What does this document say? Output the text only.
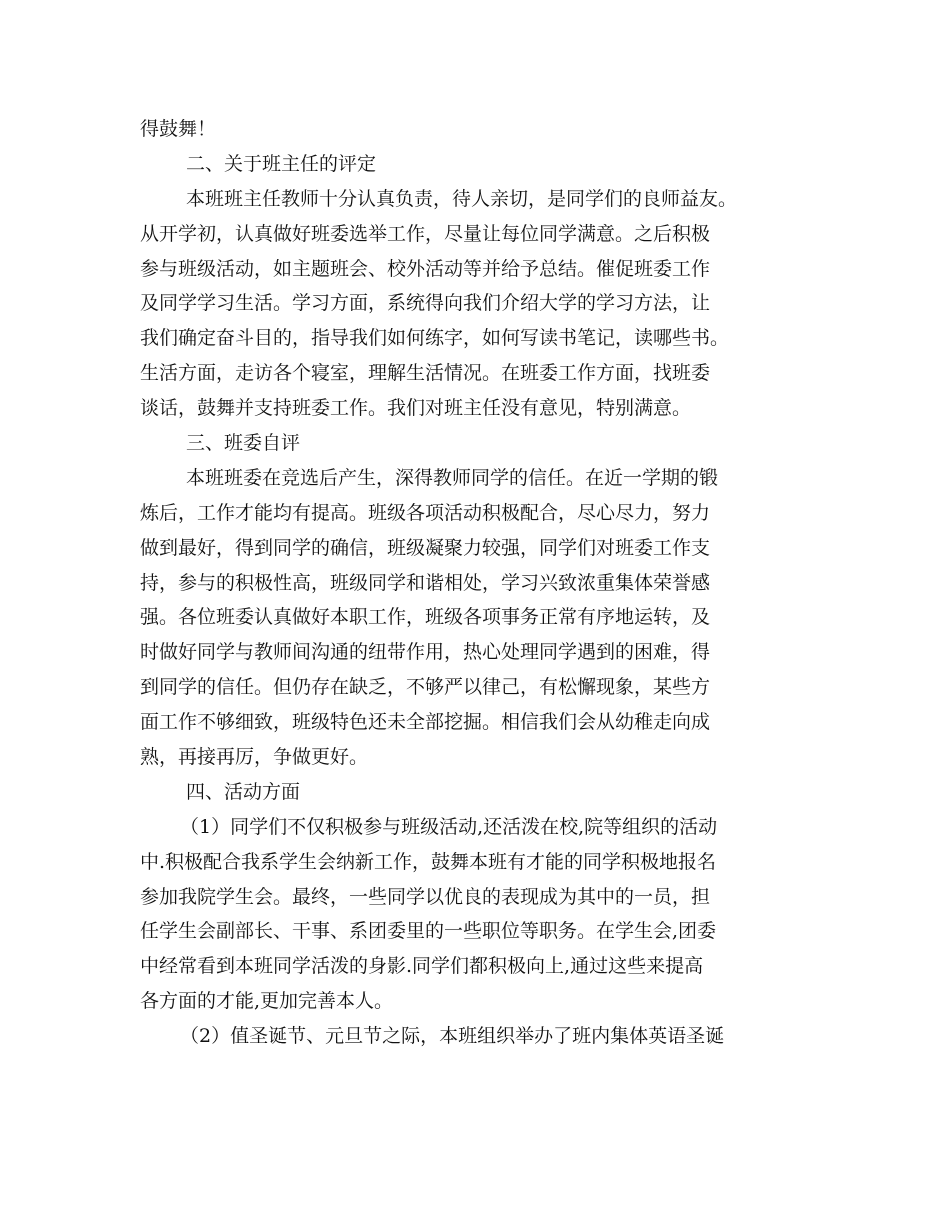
得鼓舞！
二、关于班主任的评定
本班班主任教师十分认真负责，待人亲切，是同学们的良师益友。
从开学初，认真做好班委选举工作，尽量让每位同学满意。之后积极
参与班级活动，如主题班会、校外活动等并给予总结。催促班委工作
及同学学习生活。学习方面，系统得向我们介绍大学的学习方法，让
我们确定奋斗目的，指导我们如何练字，如何写读书笔记，读哪些书。
生活方面，走访各个寝室，理解生活情况。在班委工作方面，找班委
谈话，鼓舞并支持班委工作。我们对班主任没有意见，特别满意。
三、班委自评
本班班委在竞选后产生，深得教师同学的信任。在近一学期的锻
炼后，工作才能均有提高。班级各项活动积极配合，尽心尽力，努力
做到最好，得到同学的确信，班级凝聚力较强，同学们对班委工作支
持，参与的积极性高，班级同学和谐相处，学习兴致浓重集体荣誉感
强。各位班委认真做好本职工作，班级各项事务正常有序地运转，及
时做好同学与教师间沟通的纽带作用，热心处理同学遇到的困难，得
到同学的信任。但仍存在缺乏，不够严以律己，有松懈现象，某些方
面工作不够细致，班级特色还未全部挖掘。相信我们会从幼稚走向成
熟，再接再厉，争做更好。
四、活动方面
（1）同学们不仅积极参与班级活动,还活泼在校,院等组织的活动
中.积极配合我系学生会纳新工作，鼓舞本班有才能的同学积极地报名
参加我院学生会。最终，一些同学以优良的表现成为其中的一员，担
任学生会副部长、干事、系团委里的一些职位等职务。在学生会,团委
中经常看到本班同学活泼的身影.同学们都积极向上,通过这些来提高
各方面的才能,更加完善本人。
（2）值圣诞节、元旦节之际，本班组织举办了班内集体英语圣诞
